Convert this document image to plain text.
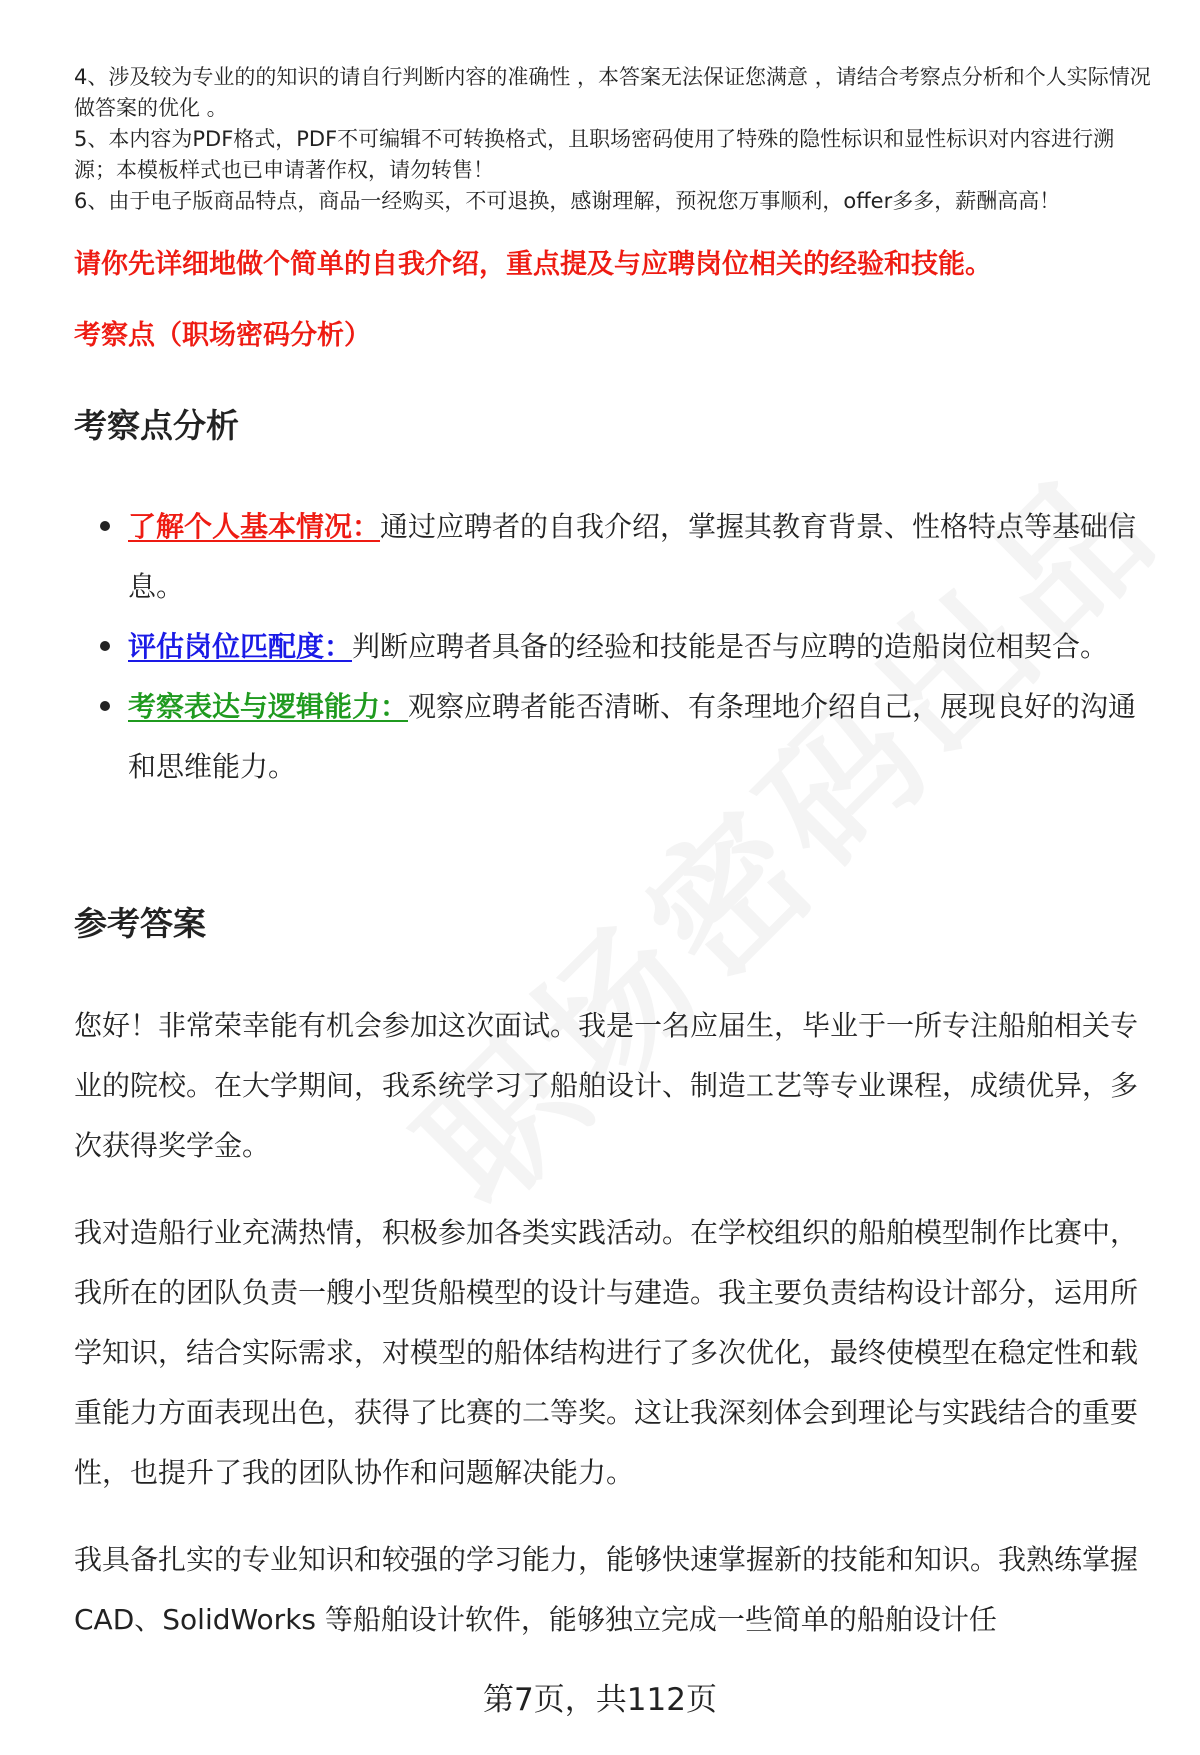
4、涉及较为专业的的知识的请自行判断内容的准确性 ，本答案无法保证您满意 ，请结合考察点分析和个人实际情况做答案的优化 。

5、本内容为PDF格式，PDF不可编辑不可转换格式，且职场密码使用了特殊的隐性标识和显性标识对内容进行溯源；本模板样式也已申请著作权，请勿转售！

6、由于电子版商品特点，商品一经购买，不可退换，感谢理解，预祝您万事顺利，offer多多，薪酬高高！

请你先详细地做个简单的自我介绍，重点提及与应聘岗位相关的经验和技能。
考察点（职场密码分析）
考察点分析
了解个人基本情况：通过应聘者的自我介绍，掌握其教育背景、性格特点等基础信息。
评估岗位匹配度：判断应聘者具备的经验和技能是否与应聘的造船岗位相契合。
考察表达与逻辑能力：观察应聘者能否清晰、有条理地介绍自己，展现良好的沟通和思维能力。
参考答案

您好！非常荣幸能有机会参加这次面试。我是一名应届生，毕业于一所专注船舶相关专业的院校。在大学期间，我系统学习了船舶设计、制造工艺等专业课程，成绩优异，多次获得奖学金。

我对造船行业充满热情，积极参加各类实践活动。在学校组织的船舶模型制作比赛中，我所在的团队负责一艘小型货船模型的设计与建造。我主要负责结构设计部分，运用所学知识，结合实际需求，对模型的船体结构进行了多次优化，最终使模型在稳定性和载重能力方面表现出色，获得了比赛的二等奖。这让我深刻体会到理论与实践结合的重要性，也提升了我的团队协作和问题解决能力。

我具备扎实的专业知识和较强的学习能力，能够快速掌握新的技能和知识。我熟练掌握 CAD、SolidWorks 等船舶设计软件，能够独立完成一些简单的船舶设计任

第7页，共112页
